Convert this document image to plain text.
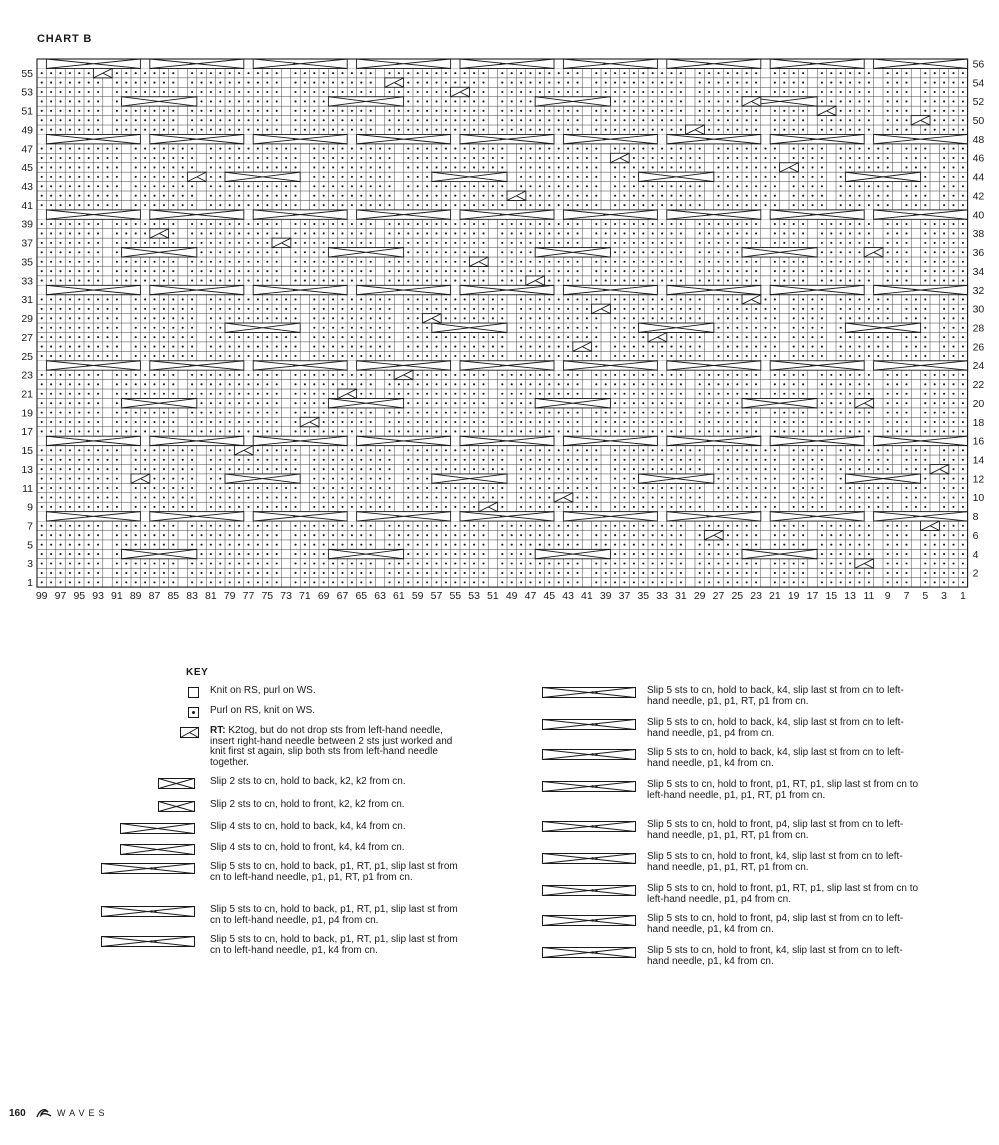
CHART B
55
53
51
49
47
45
43
41
39
37
35
33
31
29
27
25
23
21
19
17
15
13
11
9
7
5
3
1
56
54
52
50
48
46
44
42
40
38
36
34
32
30
28
26
24
22
20
18
16
14
12
10
8
6
4
2
99 97 95 93 91 89 87 85 83 81 79 77 75 73 71 69 67 65 63 61 59 57 55 53 51 49 47 45 43 41 39 37 35 33 31 29 27 25 23 21 19 17 15 13 11 9 7 5 3 1
KEY
Knit on RS, purl on WS.
Purl on RS, knit on WS.
RT: K2tog, but do not drop sts from left-hand needle, insert right-hand needle between 2 sts just worked and knit first st again, slip both sts from left-hand needle together.
Slip 2 sts to cn, hold to back, k2, k2 from cn.
Slip 2 sts to cn, hold to front, k2, k2 from cn.
Slip 4 sts to cn, hold to back, k4, k4 from cn.
Slip 4 sts to cn, hold to front, k4, k4 from cn.
Slip 5 sts to cn, hold to back, p1, RT, p1, slip last st from cn to left-hand needle, p1, p1, RT, p1 from cn.
Slip 5 sts to cn, hold to back, p1, RT, p1, slip last st from cn to left-hand needle, p1, p4 from cn.
Slip 5 sts to cn, hold to back, p1, RT, p1, slip last st from cn to left-hand needle, p1, k4 from cn.
Slip 5 sts to cn, hold to back, k4, slip last st from cn to left-hand needle, p1, p1, RT, p1 from cn.
Slip 5 sts to cn, hold to back, k4, slip last st from cn to left-hand needle, p1, p4 from cn.
Slip 5 sts to cn, hold to back, k4, slip last st from cn to left-hand needle, p1, k4 from cn.
Slip 5 sts to cn, hold to front, p1, RT, p1, slip last st from cn to left-hand needle, p1, p1, RT, p1 from cn.
Slip 5 sts to cn, hold to front, p4, slip last st from cn to left-hand needle, p1, p1, RT, p1 from cn.
Slip 5 sts to cn, hold to front, k4, slip last st from cn to left-hand needle, p1, p1, RT, p1 from cn.
Slip 5 sts to cn, hold to front, p1, RT, p1, slip last st from cn to left-hand needle, p1, p4 from cn.
Slip 5 sts to cn, hold to front, p4, slip last st from cn to left-hand needle, p1, k4 from cn.
Slip 5 sts to cn, hold to front, k4, slip last st from cn to left-hand needle, p1, k4 from cn.
160	WAVES
